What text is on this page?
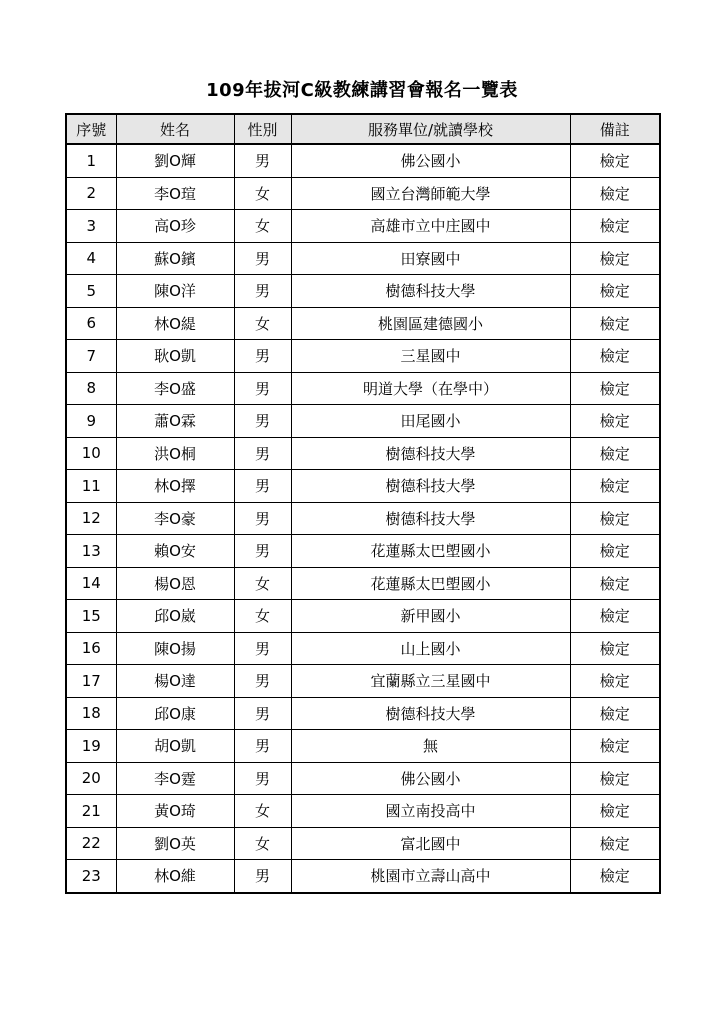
109年拔河C級教練講習會報名一覽表
序號	姓名	性別	服務單位/就讀學校	備註
1	劉O輝	男	佛公國小	檢定
2	李O瑄	女	國立台灣師範大學	檢定
3	高O珍	女	高雄市立中庄國中	檢定
4	蘇O鑌	男	田寮國中	檢定
5	陳O洋	男	樹德科技大學	檢定
6	林O緹	女	桃園區建德國小	檢定
7	耿O凱	男	三星國中	檢定
8	李O盛	男	明道大學（在學中）	檢定
9	蕭O霖	男	田尾國小	檢定
10	洪O桐	男	樹德科技大學	檢定
11	林O擇	男	樹德科技大學	檢定
12	李O豪	男	樹德科技大學	檢定
13	賴O安	男	花蓮縣太巴塱國小	檢定
14	楊O恩	女	花蓮縣太巴塱國小	檢定
15	邱O崴	女	新甲國小	檢定
16	陳O揚	男	山上國小	檢定
17	楊O達	男	宜蘭縣立三星國中	檢定
18	邱O康	男	樹德科技大學	檢定
19	胡O凱	男	無	檢定
20	李O霆	男	佛公國小	檢定
21	黃O琦	女	國立南投高中	檢定
22	劉O英	女	富北國中	檢定
23	林O維	男	桃園市立壽山高中	檢定
